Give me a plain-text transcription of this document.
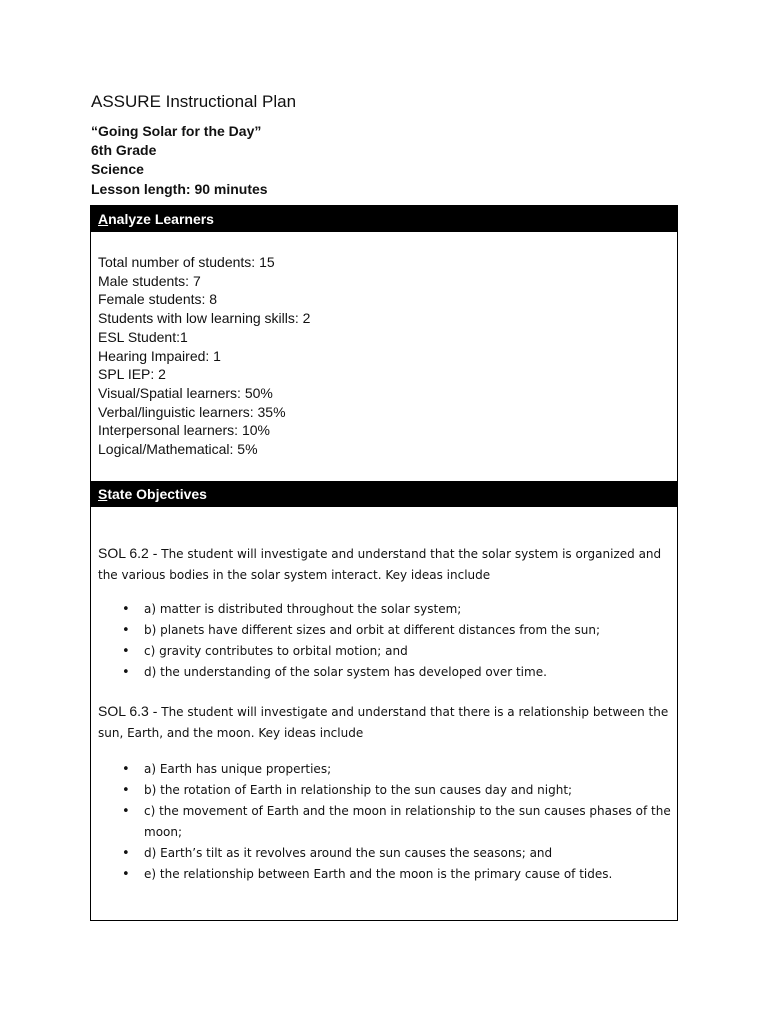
ASSURE Instructional Plan
“Going Solar for the Day”
6th Grade
Science
Lesson length: 90 minutes
Analyze Learners
Total number of students: 15
Male students: 7
Female students: 8
Students with low learning skills: 2
ESL Student:1
Hearing Impaired: 1
SPL IEP: 2
Visual/Spatial learners: 50%
Verbal/linguistic learners: 35%
Interpersonal learners: 10%
Logical/Mathematical: 5%
State Objectives
SOL 6.2 - The student will investigate and understand that the solar system is organized and the various bodies in the solar system interact. Key ideas include
• a) matter is distributed throughout the solar system;
• b) planets have different sizes and orbit at different distances from the sun;
• c) gravity contributes to orbital motion; and
• d) the understanding of the solar system has developed over time.
SOL 6.3 - The student will investigate and understand that there is a relationship between the sun, Earth, and the moon. Key ideas include
• a) Earth has unique properties;
• b) the rotation of Earth in relationship to the sun causes day and night;
• c) the movement of Earth and the moon in relationship to the sun causes phases of the moon;
• d) Earth’s tilt as it revolves around the sun causes the seasons; and
• e) the relationship between Earth and the moon is the primary cause of tides.
